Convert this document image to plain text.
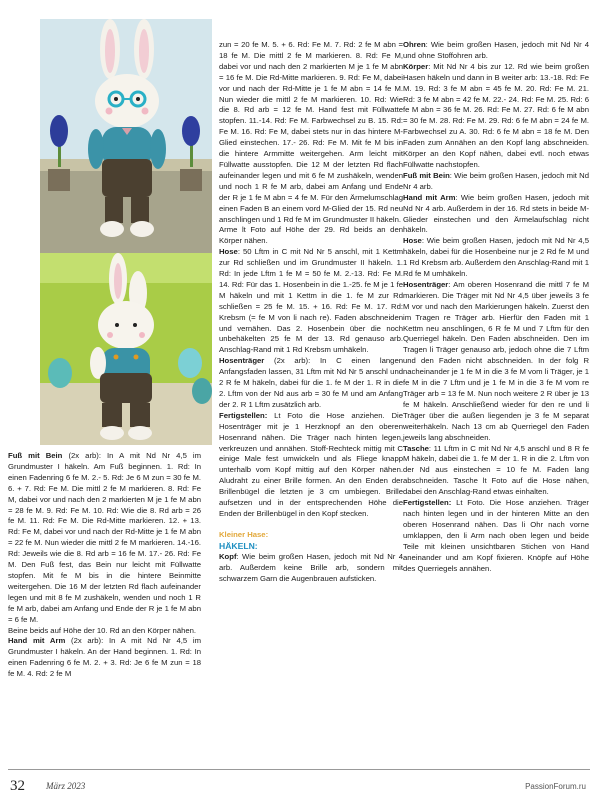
Fuß mit Bein (2x arb): In A mit Nd Nr 4,5 im Grundmuster I häkeln. Am Fuß beginnen. 1. Rd: In einen Fadenring 6 fe M. 2.- 5. Rd: Je 6 M zun = 30 fe M. 6. + 7. Rd: Fe M. Die mittl 2 fe M markieren. 8. Rd: Fe M, dabei vor und nach den 2 markierten M je 1 fe M abn = 28 fe M. 9. Rd: Fe M. 10. Rd: Wie die 8. Rd arb = 26 fe M. 11. Rd: Fe M. Die Rd-Mitte markieren. 12. + 13. Rd: Fe M, dabei vor und nach der Rd-Mitte je 1 fe M abn = 22 fe M. Nun wieder die mittl 2 fe M markieren. 14.-16. Rd: Jeweils wie die 8. Rd arb = 16 fe M. 17.- 26. Rd: Fe M. Den Fuß fest, das Bein nur leicht mit Füllwatte stopfen. Mit fe M bis in die hintere Beinmitte weitergehen. Die 16 M der letzten Rd flach aufeinander legen und mit 8 fe M zushäkeln, wenden und noch 1 R fe M arb, dabei am Anfang und Ende der R je 1 fe M abn = 6 fe M.

Beine beids auf Höhe der 10. Rd an den Körper nähen.

Hand mit Arm (2x arb): In A mit Nd Nr 4,5 im Grundmuster I häkeln. An der Hand beginnen. 1. Rd: In einen Fadenring 6 fe M. 2. + 3. Rd: Je 6 fe M zun = 18 fe M. 4. Rd: 2 fe M

zun = 20 fe M. 5. + 6. Rd: Fe M. 7. Rd: 2 fe M abn = 18 fe M. Die mittl 2 fe M markieren. 8. Rd: Fe M, dabei vor und nach den 2 markierten M je 1 fe M abn = 16 fe M. Die Rd-Mitte markieren. 9. Rd: Fe M, dabei vor und nach der Rd-Mitte je 1 fe M abn = 14 fe M. Nun wieder die mittl 2 fe M markieren. 10. Rd: Wie die 8. Rd arb = 12 fe M. Hand fest mit Füllwatte stopfen. 11.-14. Rd: Fe M. Farbwechsel zu B. 15. Rd: Fe M. 16. Rd: Fe M, dabei stets nur in das hintere M-Glied einstechen. 17.- 26. Rd: Fe M. Mit fe M bis in die hintere Armmitte weitergehen. Arm leicht mit Füllwatte ausstopfen. Die 12 M der letzten Rd flach aufeinander legen und mit 6 fe M zushäkeln, wenden und noch 1 R fe M arb, dabei am Anfang und Ende der R je 1 fe M abn = 4 fe M. Für den Ärmelumschlag einen Faden B an einem vord M-Glied der 15. Rd neu anschlingen und 1 Rd fe M im Grundmuster II häkeln.

Arme lt Foto auf Höhe der 29. Rd beids an den Körper nähen.

Hose: 50 Lftm in C mit Nd Nr 5 anschl, mit 1 Kettm zur Rd schließen und im Grundmuster II häkeln. 1. Rd: In jede Lftm 1 fe M = 50 fe M. 2.-13. Rd: Fe M. 14. Rd: Für das 1. Hosenbein in die 1.-25. fe M je 1 fe M häkeln und mit 1 Kettm in die 1. fe M zur Rd schließen = 25 fe M. 15. + 16. Rd: Fe M. 17. Rd: Krebsm (= fe M von li nach re). Faden abschneiden und vernähen. Das 2. Hosenbein über die noch unbehäkelten 25 fe M der 13. Rd genauso arb. Anschlag-Rand mit 1 Rd Krebsm umhäkeln.

Hosenträger (2x arb): In C einen langen Anfangsfaden lassen, 31 Lftm mit Nd Nr 5 anschl und 2 R fe M häkeln, dabei für die 1. fe M der 1. R in die 2. Lftm von der Nd aus arb = 30 fe M und am Anfang der 2. R 1 Lftm zusätzlich arb.

Fertigstellen: Lt Foto die Hose anziehen. Die Hosenträger mit je 1 Herzknopf an den oberen Hosenrand nähen. Die Träger nach hinten legen, verkreuzen und annähen. Stoff-Rechteck mittig mit C einige Male fest umwickeln und als Fliege knapp unterhalb vom Kopf mittig auf den Körper nähen. Aludraht zu einer Brille formen. An den Enden der Brillenbügel die letzten je 3 cm umbiegen. Brille aufsetzen und in der entsprechenden Höhe die Enden der Brillenbügel in den Kopf stecken.

Kleiner Hase:

HÄKELN:

Kopf: Wie beim großen Hasen, jedoch mit Nd Nr 4 arb. Außerdem keine Brille arb, sondern mit schwarzem Garn die Augenbrauen aufsticken.

Ohren: Wie beim großen Hasen, jedoch mit Nd Nr 4 und ohne Stoffohren arb.

Körper: Mit Nd Nr 4 bis zur 12. Rd wie beim großen Hasen häkeln und dann in B weiter arb: 13.-18. Rd: Fe M. 19. Rd: 3 fe M abn = 45 fe M. 20. Rd: Fe M. 21. Rd: 3 fe M abn = 42 fe M. 22.- 24. Rd: Fe M. 25. Rd: 6 fe M abn = 36 fe M. 26. Rd: Fe M. 27. Rd: 6 fe M abn = 30 fe M. 28. Rd: Fe M. 29. Rd: 6 fe M abn = 24 fe M. Farbwechsel zu A. 30. Rd: 6 fe M abn = 18 fe M. Den Faden zum Annähen an den Kopf lang abschneiden. Körper an den Kopf nähen, dabei evtl. noch etwas Füllwatte nachstopfen.

Fuß mit Bein: Wie beim großen Hasen, jedoch mit Nd Nr 4 arb.

Hand mit Arm: Wie beim großen Hasen, jedoch mit Nd Nr 4 arb. Außerdem in der 16. Rd stets in beide M-Glieder einstechen und den Ärmelaufschlag nicht häkeln.

Hose: Wie beim großen Hasen, jedoch mit Nd Nr 4,5 häkeln, dabei für die Hosenbeine nur je 2 Rd fe M und 1 Rd Krebsm arb. Außerdem den Anschlag-Rand mit 1 Rd fe M umhäkeln.

Hosenträger: Am oberen Hosenrand die mittl 7 fe M markieren. Die Träger mit Nd Nr 4,5 über jeweils 3 fe M vor und nach den Markierungen häkeln. Zuerst den im Tragen re Träger arb. Hierfür den Faden mit 1 Kettm neu anschlingen, 6 R fe M und 7 Lftm für den Querriegel häkeln. Den Faden abschneiden. Den im Tragen li Träger genauso arb, jedoch ohne die 7 Lftm und den Faden nicht abschneiden. In der folg R nacheinander je 1 fe M in die 3 fe M vom li Träger, je 1 fe M in die 7 Lftm und je 1 fe M in die 3 fe M vom re Träger arb = 13 fe M. Nun noch weitere 2 R über je 13 fe M häkeln. Anschließend wieder für den re und li Träger über die außen liegenden je 3 fe M separat weiterhäkeln. Nach 13 cm ab Querriegel den Faden jeweils lang abschneiden.

Tasche: 11 Lftm in C mit Nd Nr 4,5 anschl und 8 R fe M häkeln, dabei die 1. fe M der 1. R in die 2. Lftm von der Nd aus einstechen = 10 fe M. Faden lang abschneiden. Tasche lt Foto auf die Hose nähen, dabei den Anschlag-Rand etwas einhalten.

Fertigstellen: Lt Foto. Die Hose anziehen. Träger nach hinten legen und in der hinteren Mitte an den oberen Hosenrand nähen. Das li Ohr nach vorne umklappen, den li Arm nach oben legen und beide Teile mit kleinen unsichtbaren Stichen von Hand aneinander und am Kopf fixieren. Knöpfe auf Höhe des Querriegels annähen.

32 März 2023	PassionForum.ru
